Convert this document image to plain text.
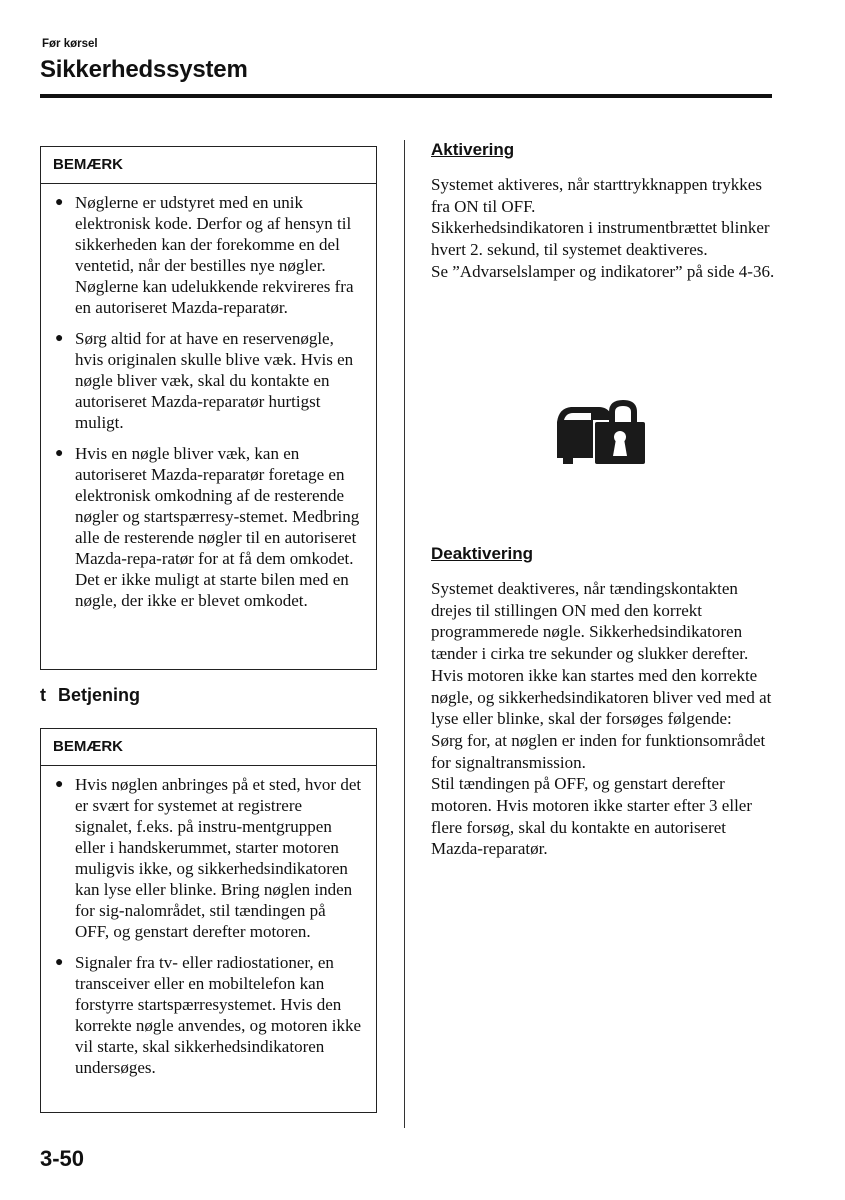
Før kørsel
Sikkerhedssystem
BEMÆRK
● Nøglerne er udstyret med en unik elektronisk kode. Derfor og af hensyn til sikkerheden kan der forekomme en del ventetid, når der bestilles nye nøgler. Nøglerne kan udelukkende rekvireres fra en autoriseret Mazda-reparatør.
● Sørg altid for at have en reservenøgle, hvis originalen skulle blive væk. Hvis en nøgle bliver væk, skal du kontakte en autoriseret Mazda-reparatør hurtigst muligt.
● Hvis en nøgle bliver væk, kan en autoriseret Mazda-reparatør foretage en elektronisk omkodning af de resterende nøgler og startspærresy-stemet. Medbring alle de resterende nøgler til en autoriseret Mazda-repa-ratør for at få dem omkodet. Det er ikke muligt at starte bilen med en nøgle, der ikke er blevet omkodet.
t Betjening
BEMÆRK
● Hvis nøglen anbringes på et sted, hvor det er svært for systemet at registrere signalet, f.eks. på instru-mentgruppen eller i handskerummet, starter motoren muligvis ikke, og sikkerhedsindikatoren kan lyse eller blinke. Bring nøglen inden for sig-nalområdet, stil tændingen på OFF, og genstart derefter motoren.
● Signaler fra tv- eller radiostationer, en transceiver eller en mobiltelefon kan forstyrre startspærresystemet. Hvis den korrekte nøgle anvendes, og motoren ikke vil starte, skal sikkerhedsindikatoren undersøges.
Aktivering

Systemet aktiveres, når starttrykknappen trykkes fra ON til OFF.
Sikkerhedsindikatoren i instrumentbrættet blinker hvert 2. sekund, til systemet deaktiveres.
Se ”Advarselslamper og indikatorer” på side 4-36.

Deaktivering

Systemet deaktiveres, når tændingskontakten drejes til stillingen ON med den korrekt programmerede nøgle. Sikkerhedsindikatoren tænder i cirka tre sekunder og slukker derefter. Hvis motoren ikke kan startes med den korrekte nøgle, og sikkerhedsindikatoren bliver ved med at lyse eller blinke, skal der forsøges følgende:
Sørg for, at nøglen er inden for funktionsområdet for signaltransmission.
Stil tændingen på OFF, og genstart derefter motoren. Hvis motoren ikke starter efter 3 eller flere forsøg, skal du kontakte en autoriseret Mazda-reparatør.

3-50
